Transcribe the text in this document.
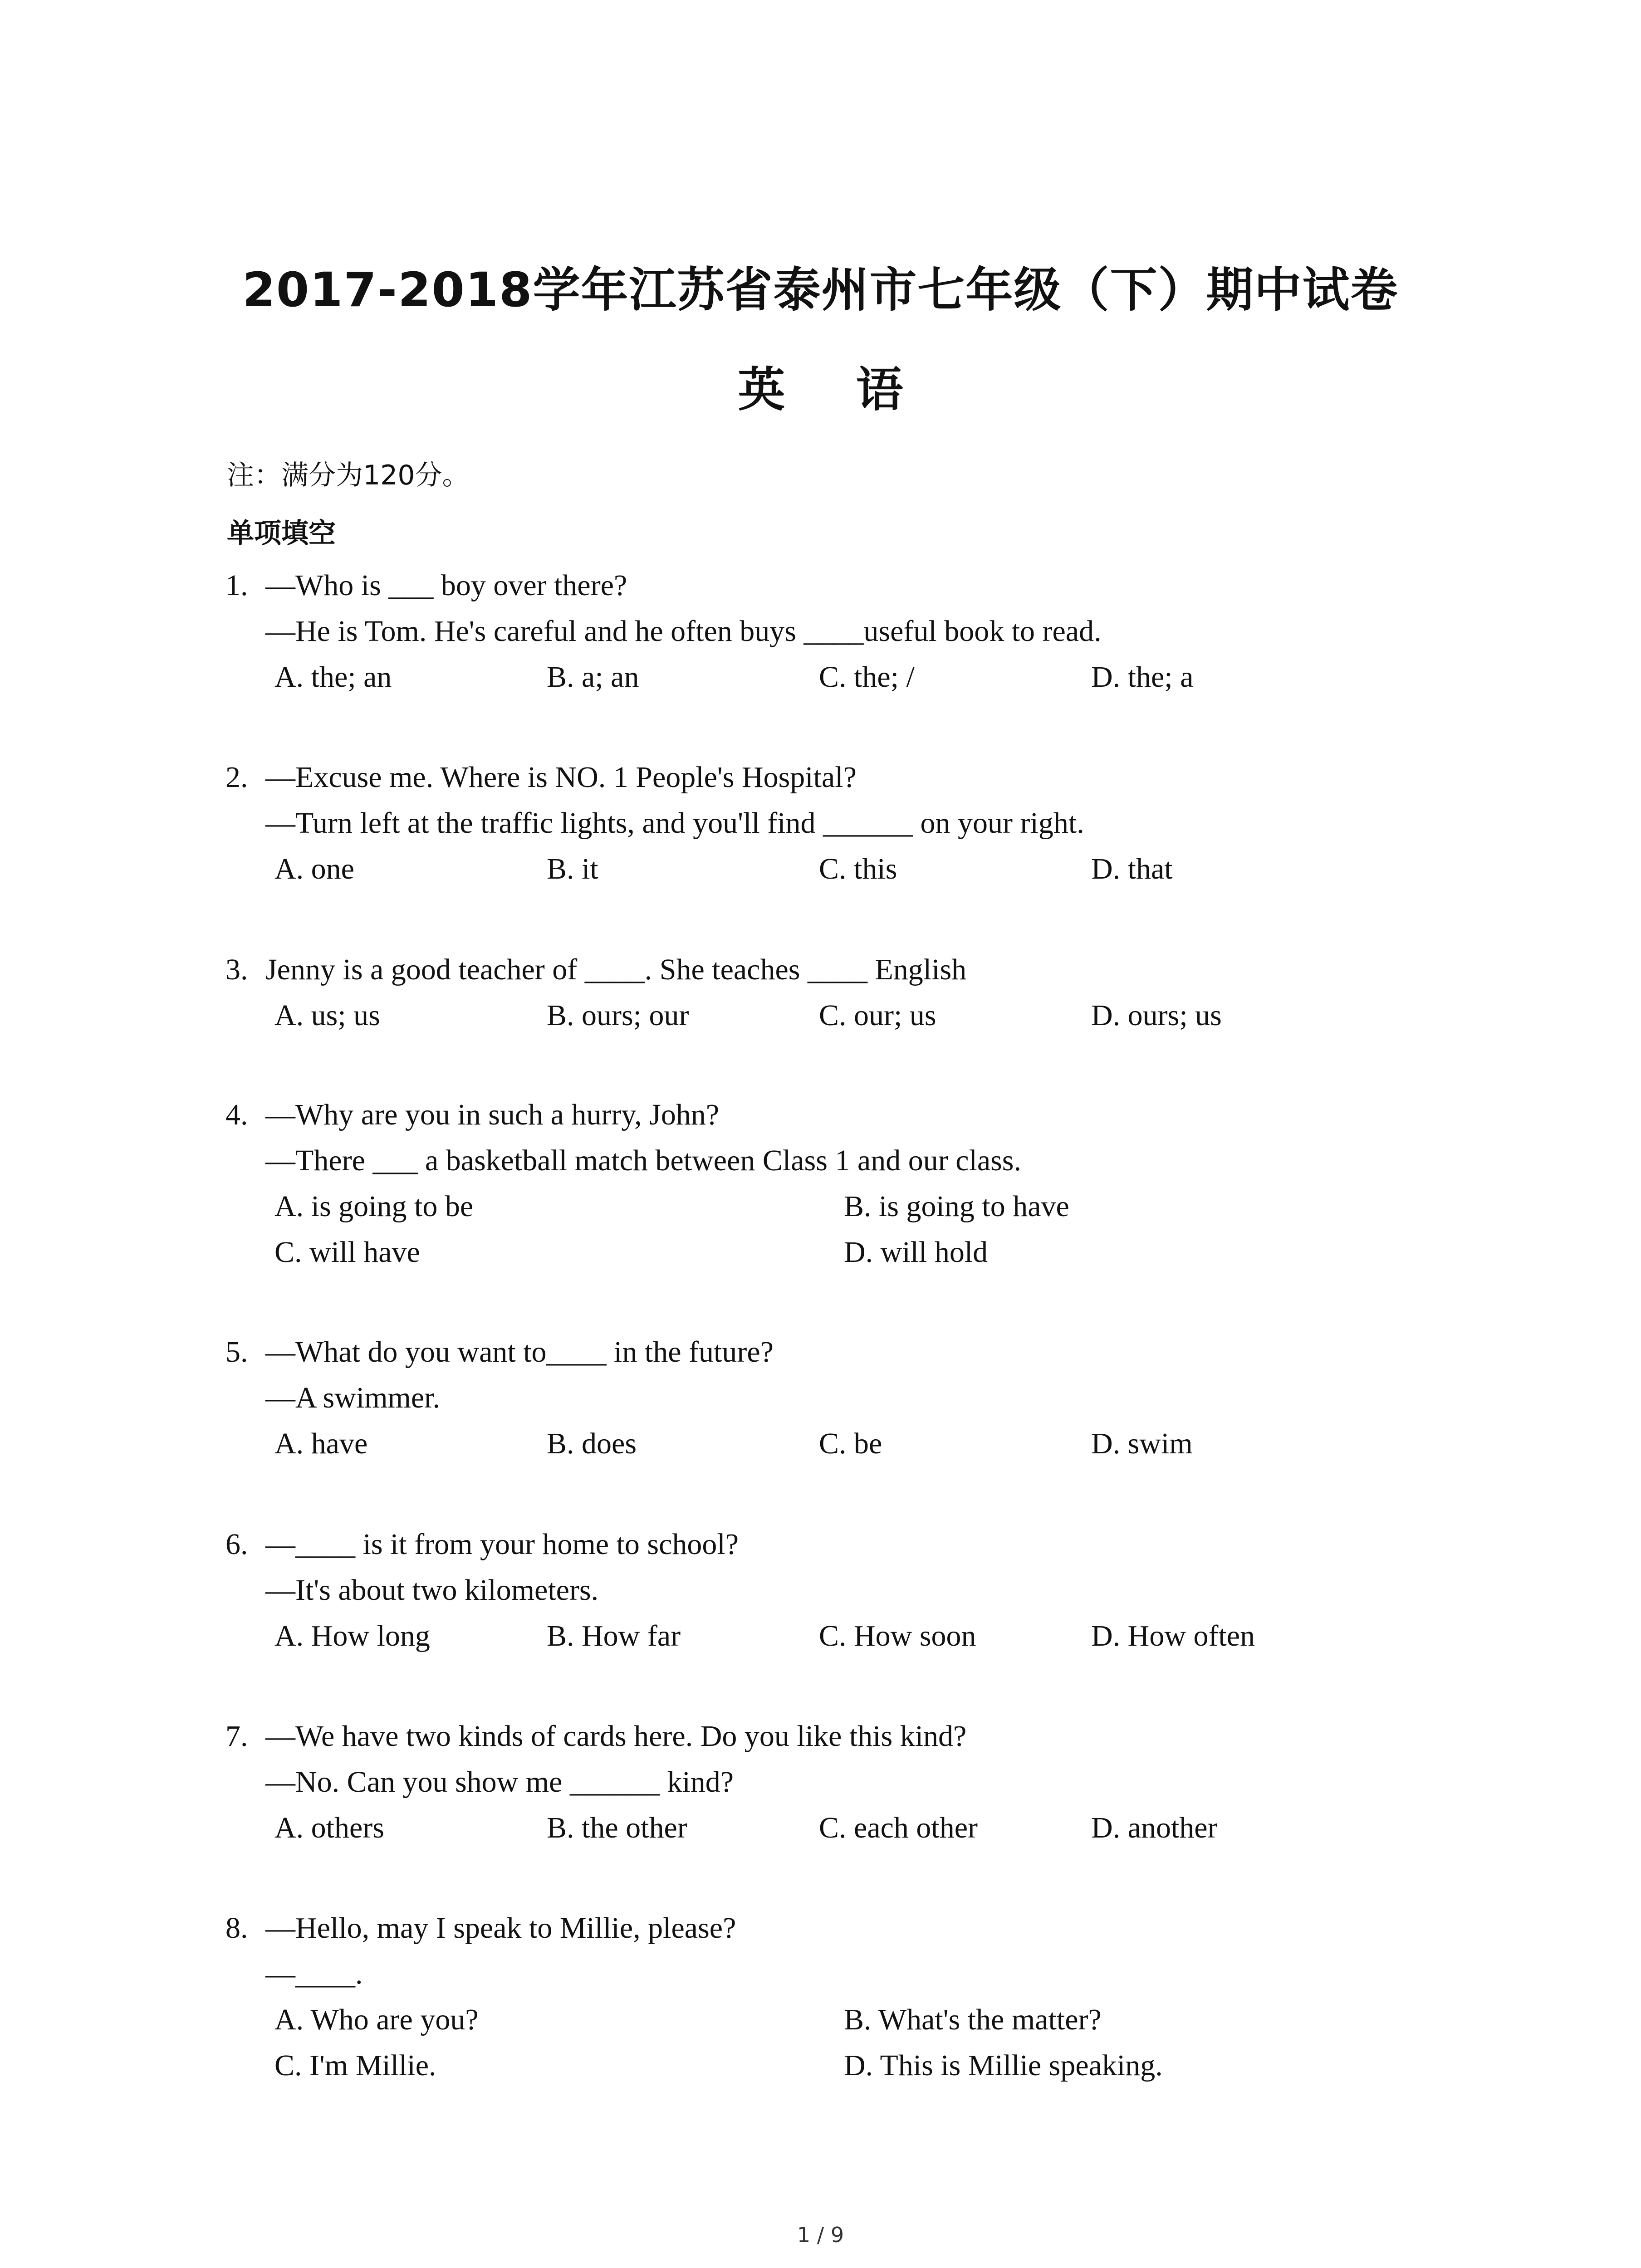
2017-2018学年江苏省泰州市七年级（下）期中试卷
英 语
注：满分为120分。
单项填空
1. —Who is ___ boy over there?
—He is Tom. He's careful and he often buys ____useful book to read.
A. the; an	B. a; an	C. the; /	D. the; a
2. —Excuse me. Where is NO. 1 People's Hospital?
—Turn left at the traffic lights, and you'll find ______ on your right.
A. one	B. it	C. this	D. that
3. Jenny is a good teacher of ____. She teaches ____ English
A. us; us	B. ours; our	C. our; us	D. ours; us
4. —Why are you in such a hurry, John?
—There ___ a basketball match between Class 1 and our class.
A. is going to be	B. is going to have
C. will have	D. will hold
5. —What do you want to____ in the future?
—A swimmer.
A. have	B. does	C. be	D. swim
6. —____ is it from your home to school?
—It's about two kilometers.
A. How long	B. How far	C. How soon	D. How often
7. —We have two kinds of cards here. Do you like this kind?
—No. Can you show me ______ kind?
A. others	B. the other	C. each other	D. another
8. —Hello, may I speak to Millie, please?
—____.
A. Who are you?	B. What's the matter?
C. I'm Millie.	D. This is Millie speaking.
1 / 9
